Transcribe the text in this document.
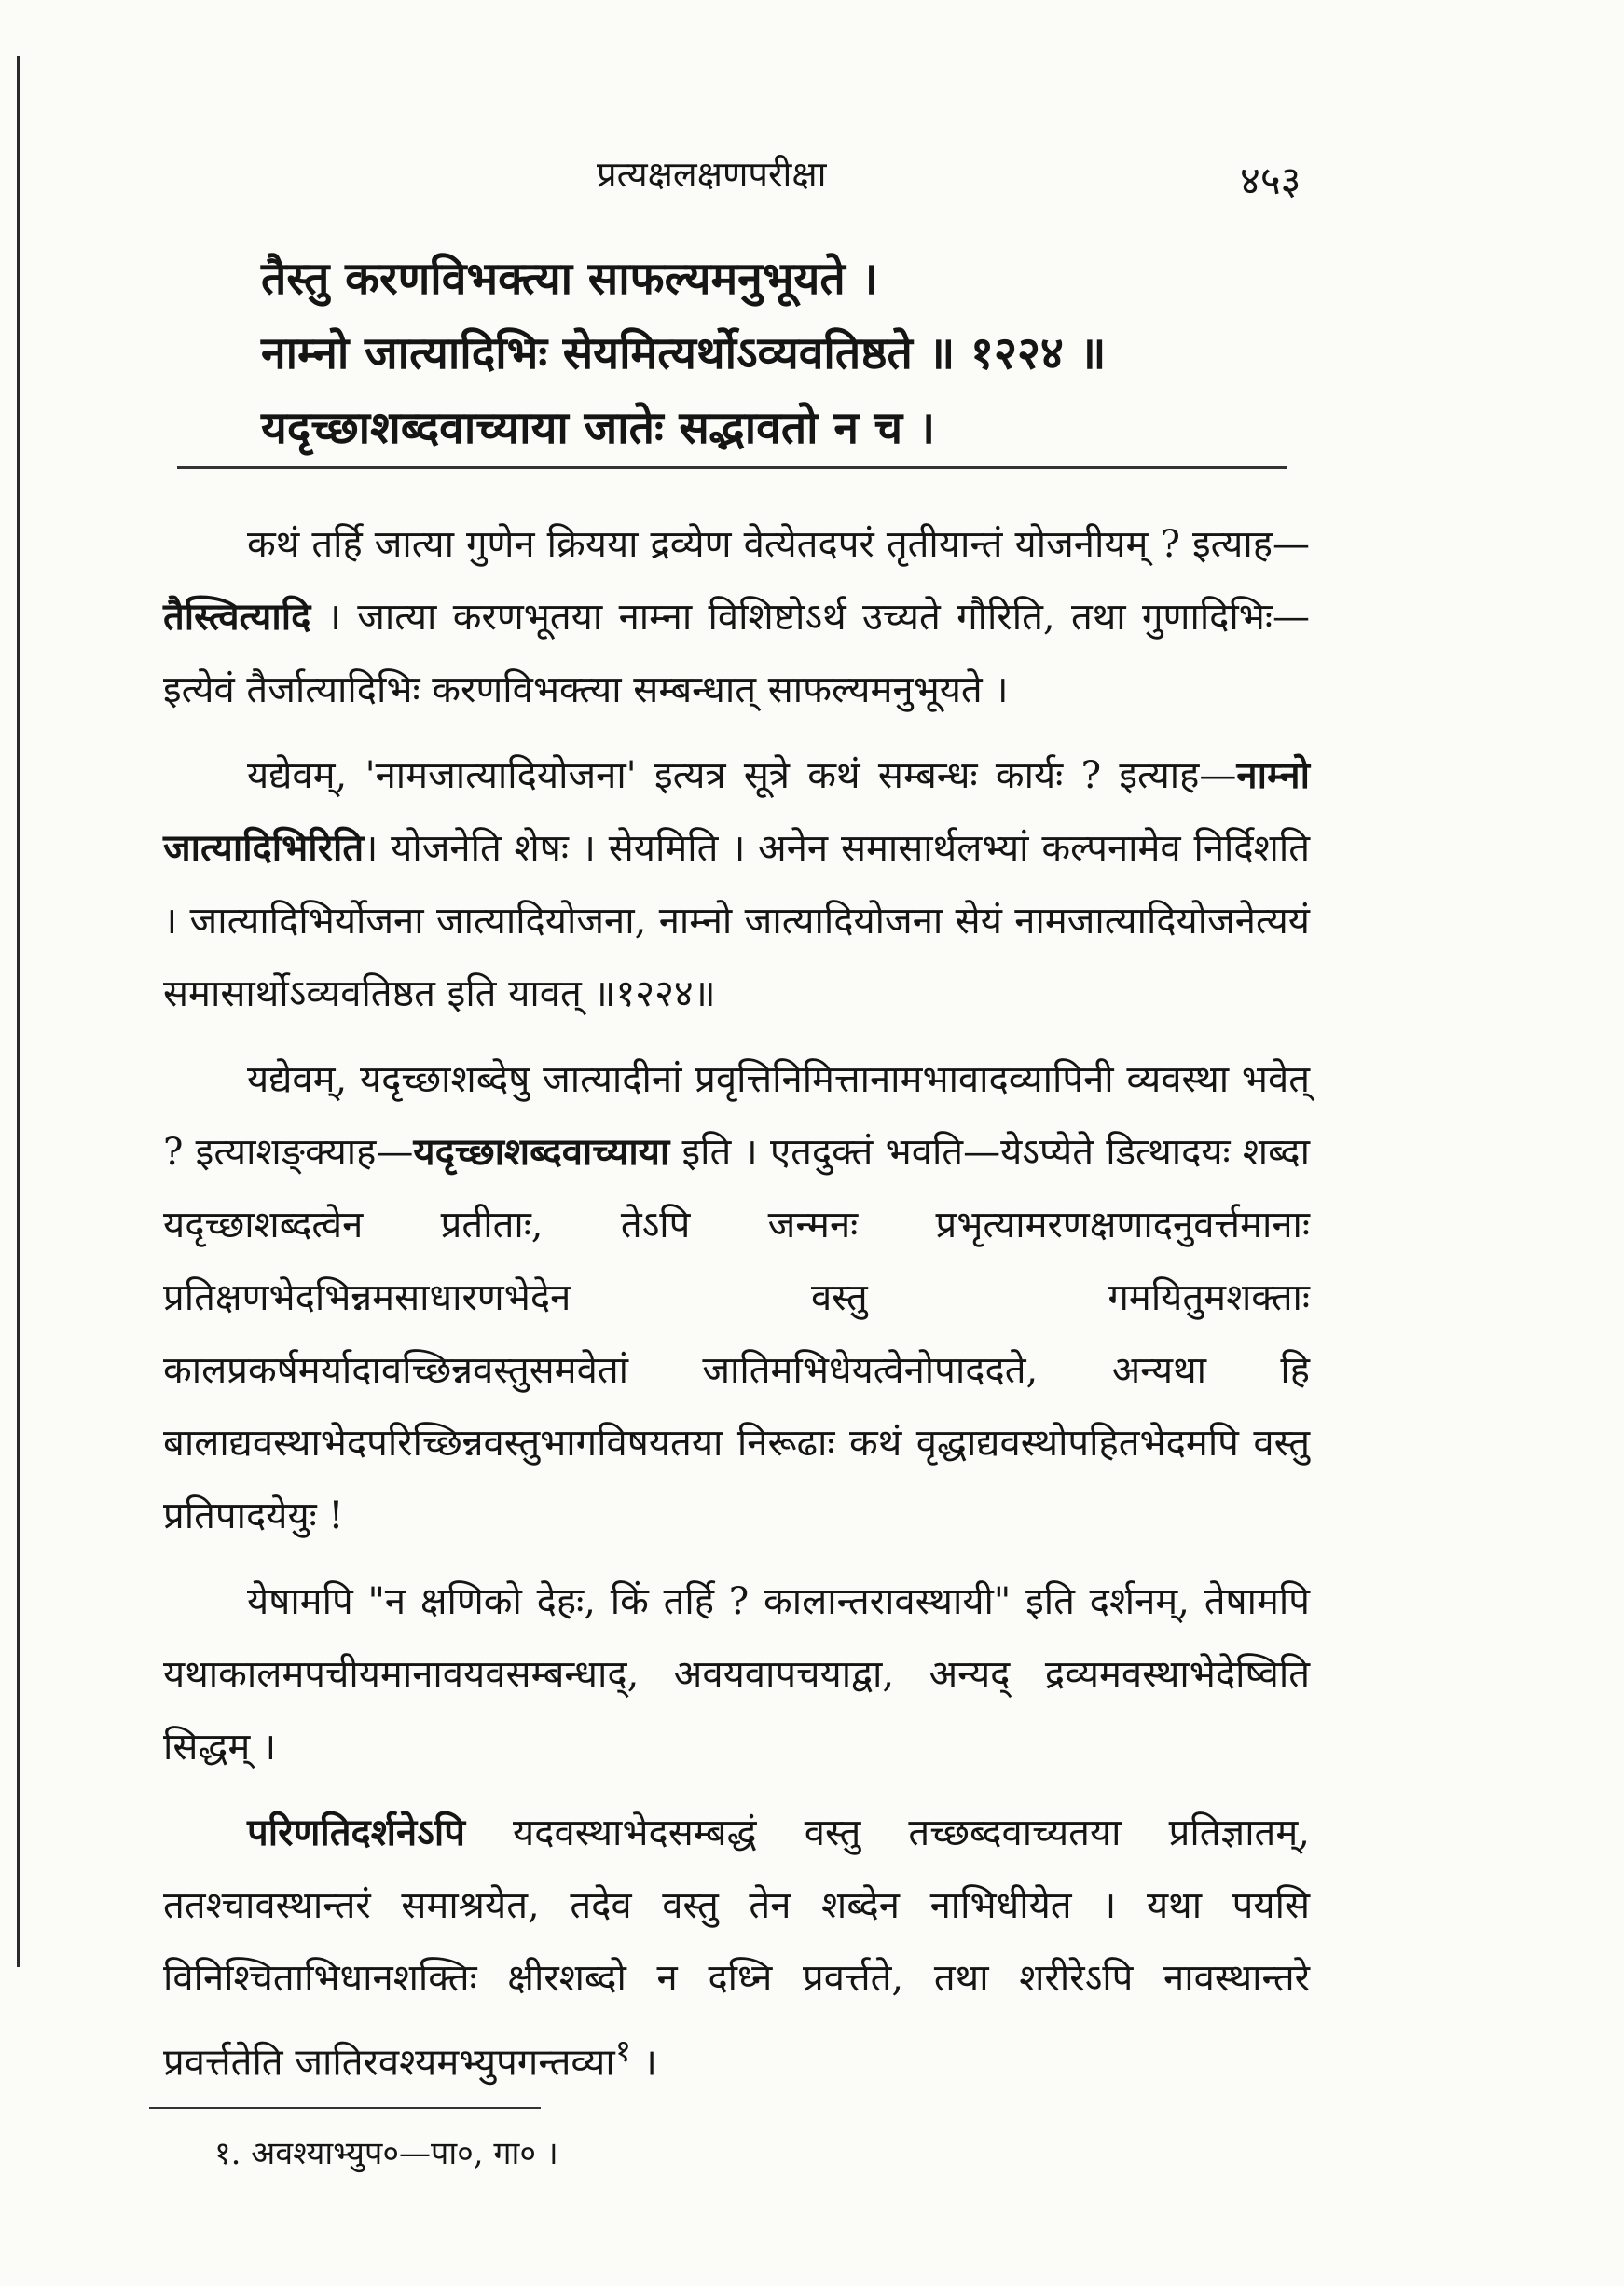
प्रत्यक्षलक्षणपरीक्षा	४५३
तैस्तु करणविभक्त्या साफल्यमनुभूयते ।
नाम्नो जात्यादिभिः सेयमित्यर्थोऽव्यवतिष्ठते ॥ १२२४ ॥
यदृच्छाशब्दवाच्याया जातेः सद्भावतो न च ।

कथं तर्हि जात्या गुणेन क्रियया द्रव्येण वेत्येतदपरं तृतीयान्तं योजनीयम् ? इत्याह—तैस्त्वित्यादि । जात्या करणभूतया नाम्ना विशिष्टोऽर्थ उच्यते गौरिति, तथा गुणादिभिः—इत्येवं तैर्जात्यादिभिः करणविभक्त्या सम्बन्धात् साफल्यमनुभूयते ।

यद्येवम्, 'नामजात्यादियोजना' इत्यत्र सूत्रे कथं सम्बन्धः कार्यः ? इत्याह—नाम्नो जात्यादिभिरिति। योजनेति शेषः । सेयमिति । अनेन समासार्थलभ्यां कल्पनामेव निर्दिशति । जात्यादिभिर्योजना जात्यादियोजना, नाम्नो जात्यादियोजना सेयं नामजात्यादियोजनेत्ययं समासार्थोऽव्यवतिष्ठत इति यावत् ॥१२२४॥

यद्येवम्, यदृच्छाशब्देषु जात्यादीनां प्रवृत्तिनिमित्तानामभावादव्यापिनी व्यवस्था भवेत् ? इत्याशङ्क्याह—यदृच्छाशब्दवाच्याया इति । एतदुक्तं भवति—येऽप्येते डित्थादयः शब्दा यदृच्छाशब्दत्वेन प्रतीताः, तेऽपि जन्मनः प्रभृत्यामरणक्षणादनुवर्त्तमानाः प्रतिक्षणभेदभिन्नमसाधारणभेदेन वस्तु गमयितुमशक्ताः कालप्रकर्षमर्यादावच्छिन्नवस्तुसमवेतां जातिमभिधेयत्वेनोपाददते, अन्यथा हि बालाद्यवस्थाभेदपरिच्छिन्नवस्तुभागविषयतया निरूढाः कथं वृद्धाद्यवस्थोपहितभेदमपि वस्तु प्रतिपादयेयुः !

येषामपि "न क्षणिको देहः, किं तर्हि ? कालान्तरावस्थायी" इति दर्शनम्, तेषामपि यथाकालमपचीयमानावयवसम्बन्धाद्, अवयवापचयाद्वा, अन्यद् द्रव्यमवस्थाभेदेष्विति सिद्धम् ।

परिणतिदर्शनेऽपि यदवस्थाभेदसम्बद्धं वस्तु तच्छब्दवाच्यतया प्रतिज्ञातम्, ततश्चावस्थान्तरं समाश्रयेत, तदेव वस्तु तेन शब्देन नाभिधीयेत । यथा पयसि विनिश्चिताभिधानशक्तिः क्षीरशब्दो न दध्नि प्रवर्त्तते, तथा शरीरेऽपि नावस्थान्तरे प्रवर्त्ततेति जातिरवश्यमभ्युपगन्तव्या$^१$ ।

१. अवश्याभ्युप०—पा०, गा० ।
